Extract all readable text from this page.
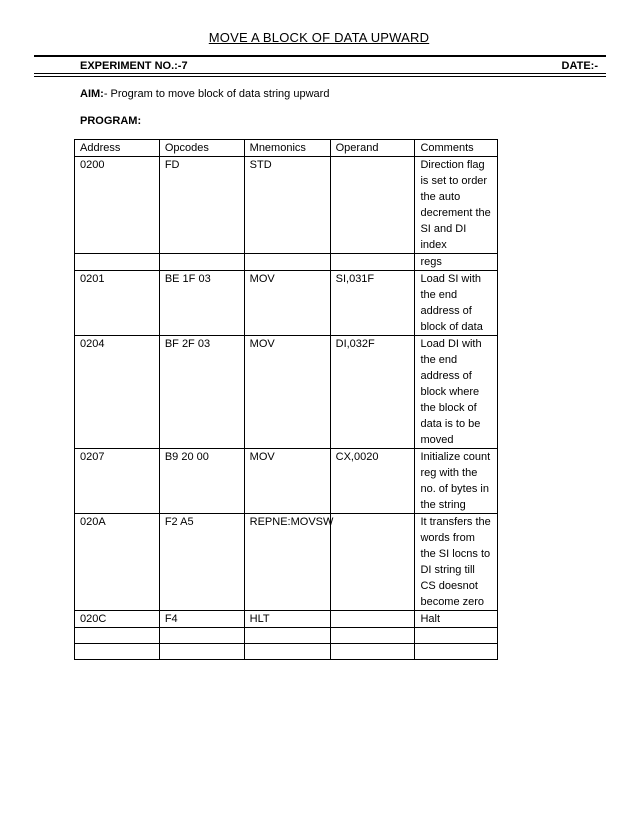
MOVE A BLOCK OF DATA UPWARD
EXPERIMENT NO.:-7	DATE:-
AIM:- Program to move block of data string upward
PROGRAM:
Address	Opcodes	Mnemonics	Operand	Comments
0200	FD	STD		Direction flag is set to order the auto decrement the SI and DI index
				regs
0201	BE 1F 03	MOV	SI,031F	Load SI with the end address of block of data
0204	BF 2F 03	MOV	DI,032F	Load DI with the end address of block where the block of data is to be moved
0207	B9 20 00	MOV	CX,0020	Initialize count reg with the no. of bytes in the string
020A	F2 A5	REPNE:MOVSW		It transfers the words from the SI locns to DI string till CS doesnot become zero
020C	F4	HLT		Halt
